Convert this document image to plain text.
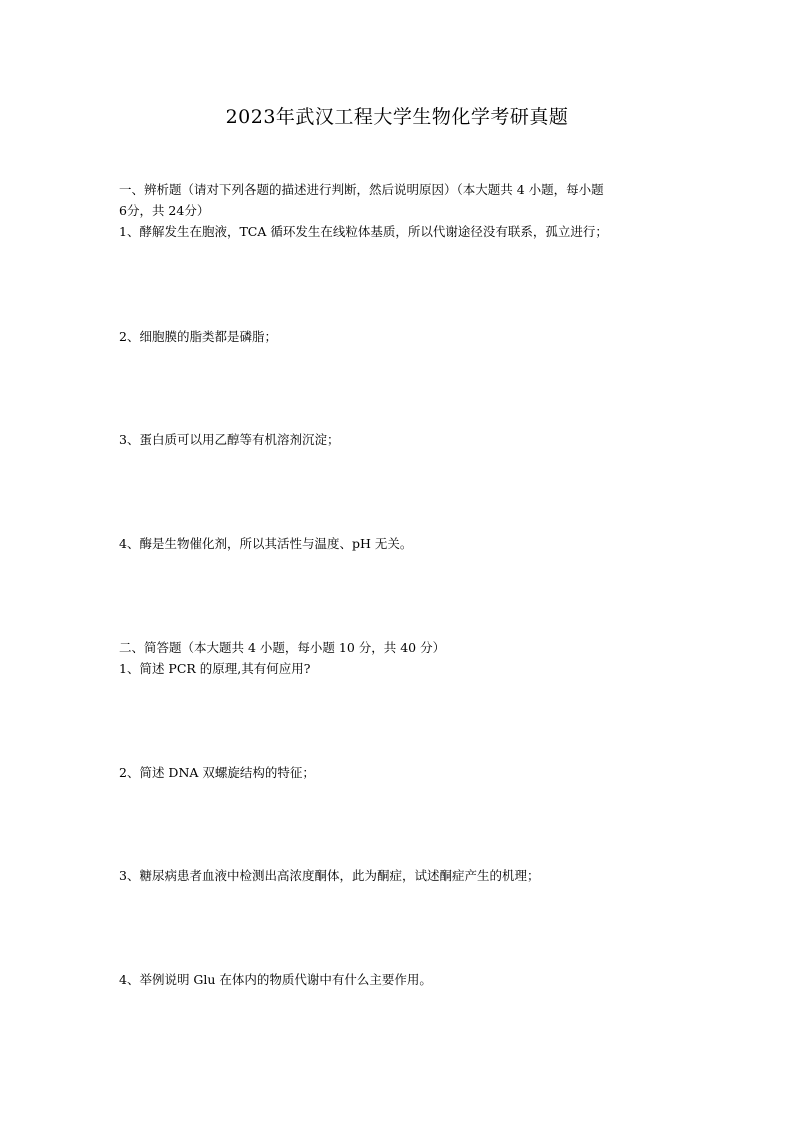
2023年武汉工程大学生物化学考研真题

一、辨析题（请对下列各题的描述进行判断，然后说明原因）（本大题共 4 小题，每小题

6分，共 24分）

1、酵解发生在胞液，TCA 循环发生在线粒体基质，所以代谢途径没有联系，孤立进行；

2、细胞膜的脂类都是磷脂；

3、蛋白质可以用乙醇等有机溶剂沉淀；

4、酶是生物催化剂，所以其活性与温度、pH 无关。

二、简答题（本大题共 4 小题，每小题 10 分，共 40 分）

1、简述 PCR 的原理,其有何应用?

2、简述 DNA 双螺旋结构的特征；

3、糖尿病患者血液中检测出高浓度酮体，此为酮症，试述酮症产生的机理；

4、举例说明 Glu 在体内的物质代谢中有什么主要作用。
